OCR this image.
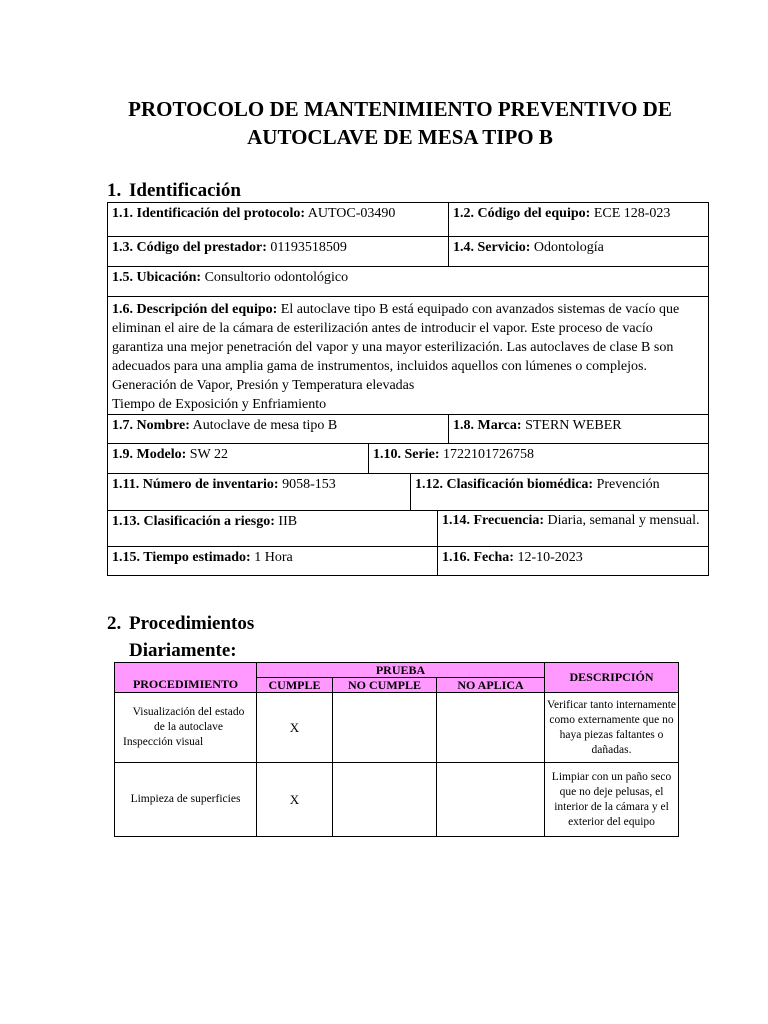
PROTOCOLO DE MANTENIMIENTO PREVENTIVO DE
AUTOCLAVE DE MESA TIPO B
1. Identificación
1.1. Identificación del protocolo: AUTOC-03490	1.2. Código del equipo: ECE 128-023
1.3. Código del prestador: 01193518509	1.4. Servicio: Odontología
1.5. Ubicación: Consultorio odontológico
1.6. Descripción del equipo: El autoclave tipo B está equipado con avanzados sistemas de vacío que eliminan el aire de la cámara de esterilización antes de introducir el vapor. Este proceso de vacío garantiza una mejor penetración del vapor y una mayor esterilización. Las autoclaves de clase B son adecuados para una amplia gama de instrumentos, incluidos aquellos con lúmenes o complejos. Generación de Vapor, Presión y Temperatura elevadas
Tiempo de Exposición y Enfriamiento
1.7. Nombre: Autoclave de mesa tipo B	1.8. Marca: STERN WEBER
1.9. Modelo: SW 22	1.10. Serie: 1722101726758
1.11. Número de inventario: 9058-153	1.12. Clasificación biomédica: Prevención
1.13. Clasificación a riesgo: IIB	1.14. Frecuencia: Diaria, semanal y mensual.
1.15. Tiempo estimado: 1 Hora	1.16. Fecha: 12-10-2023
2. Procedimientos
Diariamente:
PROCEDIMIENTO	PRUEBA			DESCRIPCIÓN
	CUMPLE	NO CUMPLE	NO APLICA	

Visualización del estado
de la autoclave
Inspección visual	X			Verificar tanto internamente como externamente que no haya piezas faltantes o dañadas.
Limpieza de superficies	X			Limpiar con un paño seco que no deje pelusas, el interior de la cámara y el exterior del equipo
